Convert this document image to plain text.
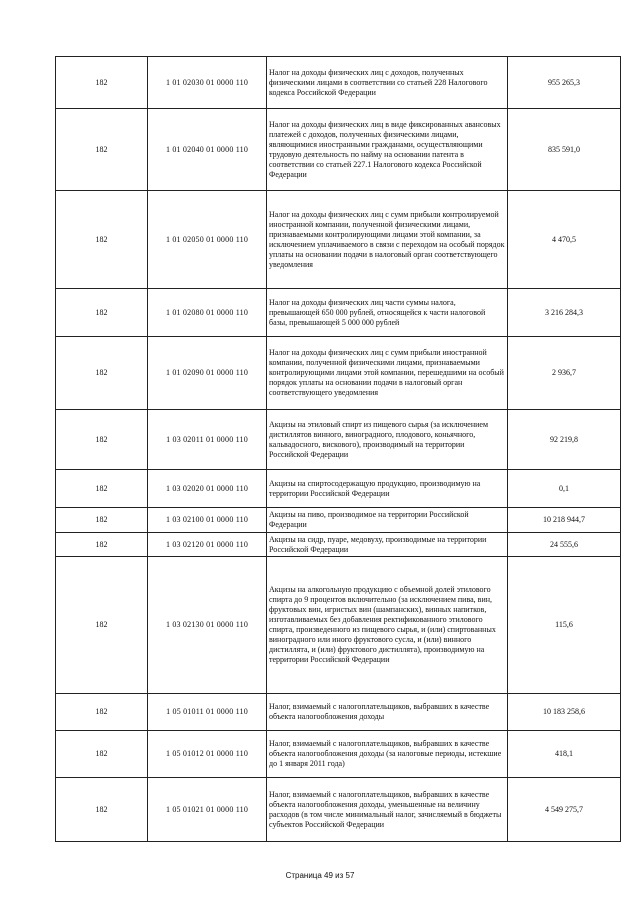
182	1 01 02030 01 0000 110	Налог на доходы физических лиц с доходов, полученных физическими лицами в соответствии со статьей 228 Налогового кодекса Российской Федерации	955 265,3
182	1 01 02040 01 0000 110	Налог на доходы физических лиц в виде фиксированных авансовых платежей с доходов, полученных физическими лицами, являющимися иностранными гражданами, осуществляющими трудовую деятельность по найму на основании патента в соответствии со статьей 227.1 Налогового кодекса Российской Федерации	835 591,0
182	1 01 02050 01 0000 110	Налог на доходы физических лиц с сумм прибыли контролируемой иностранной компании, полученной физическими лицами, признаваемыми контролирующими лицами этой компании, за исключением уплачиваемого в связи с переходом на особый порядок уплаты на основании подачи в налоговый орган соответствующего уведомления	4 470,5
182	1 01 02080 01 0000 110	Налог на доходы физических лиц части суммы налога, превышающей 650 000 рублей, относящейся к части налоговой базы, превышающей 5 000 000 рублей	3 216 284,3
182	1 01 02090 01 0000 110	Налог на доходы физических лиц с сумм прибыли иностранной компании, полученной физическими лицами, признаваемыми контролирующими лицами этой компании, перешедшими на особый порядок уплаты на основании подачи в налоговый орган соответствующего уведомления	2 936,7
182	1 03 02011 01 0000 110	Акцизы на этиловый спирт из пищевого сырья (за исключением дистиллятов винного, виноградного, плодового, коньячного, кальвадосного, вискового), производимый на территории Российской Федерации	92 219,8
182	1 03 02020 01 0000 110	Акцизы на спиртосодержащую продукцию, производимую на территории Российской Федерации	0,1
182	1 03 02100 01 0000 110	Акцизы на пиво, производимое на территории Российской Федерации	10 218 944,7
182	1 03 02120 01 0000 110	Акцизы на сидр, пуаре, медовуху, производимые на территории Российской Федерации	24 555,6
182	1 03 02130 01 0000 110	Акцизы на алкогольную продукцию с объемной долей этилового спирта до 9 процентов включительно (за исключением пива, вин, фруктовых вин, игристых вин (шампанских), винных напитков, изготавливаемых без добавления ректификованного этилового спирта, произведенного из пищевого сырья, и (или) спиртованных виноградного или иного фруктового сусла, и (или) винного дистиллята, и (или) фруктового дистиллята), производимую на территории Российской Федерации	115,6
182	1 05 01011 01 0000 110	Налог, взимаемый с налогоплательщиков, выбравших в качестве объекта налогообложения доходы	10 183 258,6
182	1 05 01012 01 0000 110	Налог, взимаемый с налогоплательщиков, выбравших в качестве объекта налогообложения доходы (за налоговые периоды, истекшие до 1 января 2011 года)	418,1
182	1 05 01021 01 0000 110	Налог, взимаемый с налогоплательщиков, выбравших в качестве объекта налогообложения доходы, уменьшенные на величину расходов (в том числе минимальный налог, зачисляемый в бюджеты субъектов Российской Федерации	4 549 275,7
Страница 49 из 57
